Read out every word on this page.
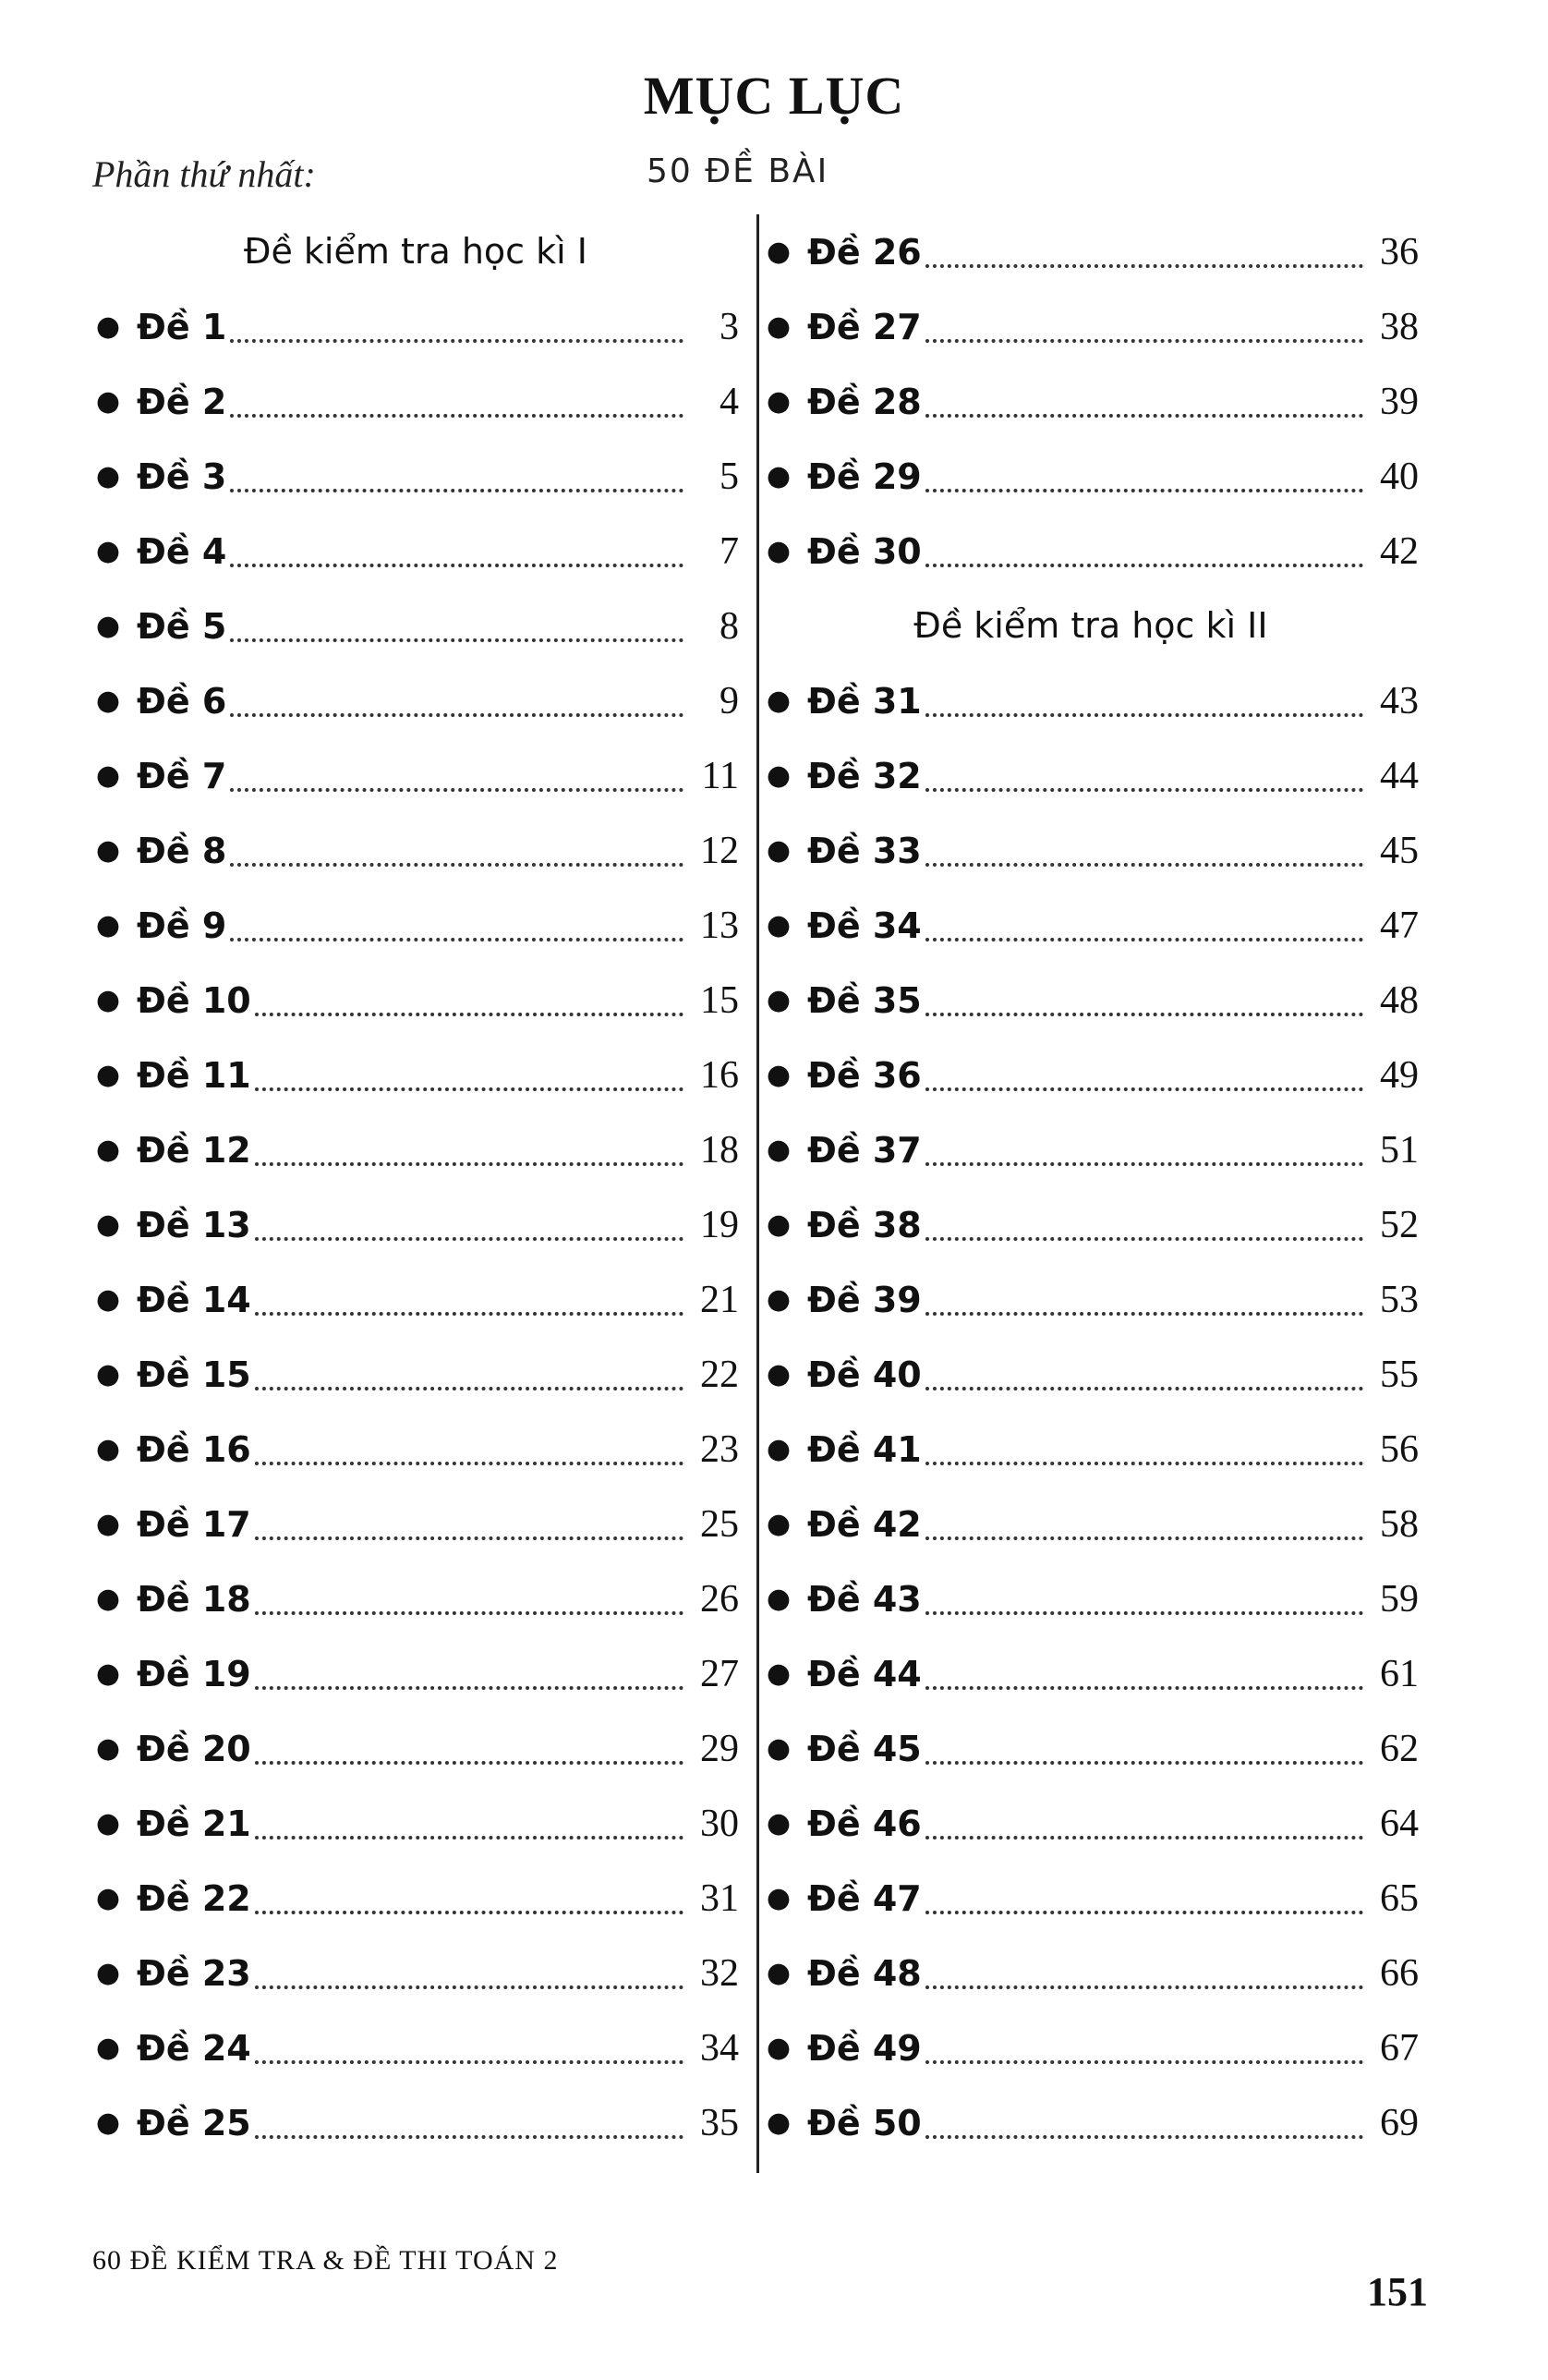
MỤC LỤC
Phần thứ nhất:	50 ĐỀ BÀI
Đề kiểm tra học kì I
● Đề 1	3
● Đề 2	4
● Đề 3	5
● Đề 4	7
● Đề 5	8
● Đề 6	9
● Đề 7	11
● Đề 8	12
● Đề 9	13
● Đề 10	15
● Đề 11	16
● Đề 12	18
● Đề 13	19
● Đề 14	21
● Đề 15	22
● Đề 16	23
● Đề 17	25
● Đề 18	26
● Đề 19	27
● Đề 20	29
● Đề 21	30
● Đề 22	31
● Đề 23	32
● Đề 24	34
● Đề 25	35
● Đề 26	36
● Đề 27	38
● Đề 28	39
● Đề 29	40
● Đề 30	42
Đề kiểm tra học kì II
● Đề 31	43
● Đề 32	44
● Đề 33	45
● Đề 34	47
● Đề 35	48
● Đề 36	49
● Đề 37	51
● Đề 38	52
● Đề 39	53
● Đề 40	55
● Đề 41	56
● Đề 42	58
● Đề 43	59
● Đề 44	61
● Đề 45	62
● Đề 46	64
● Đề 47	65
● Đề 48	66
● Đề 49	67
● Đề 50	69
60 ĐỀ KIỂM TRA & ĐỀ THI TOÁN 2
151
